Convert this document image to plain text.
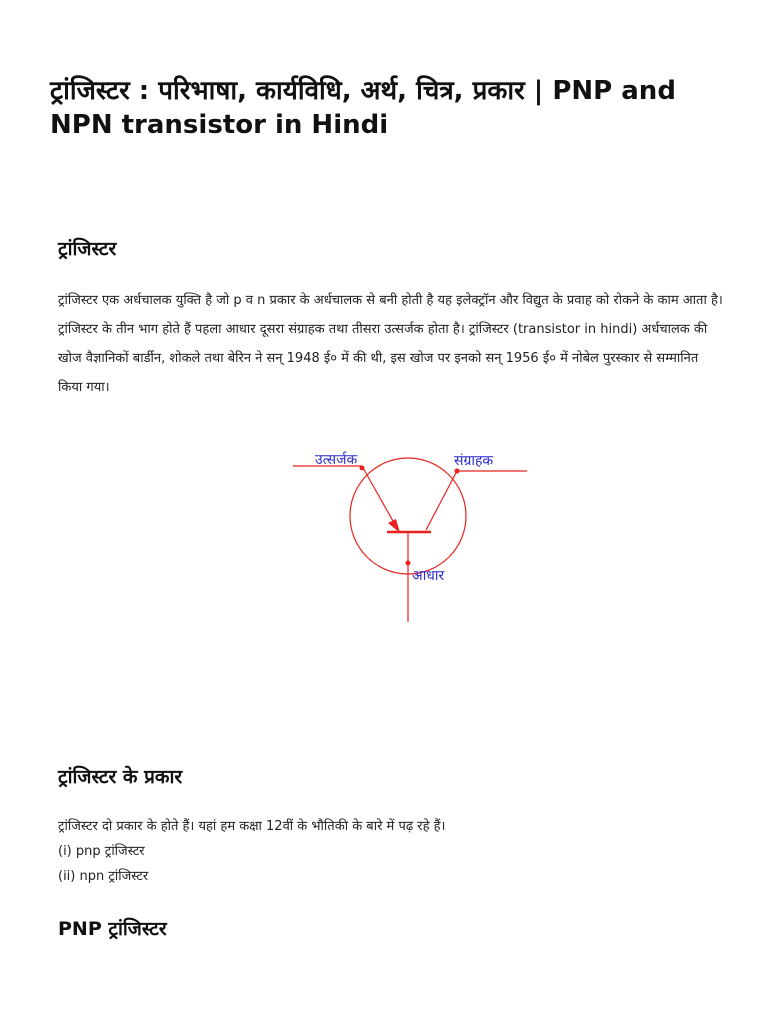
ट्रांजिस्टर : परिभाषा, कार्यविधि, अर्थ, चित्र, प्रकार | PNP and NPN transistor in Hindi
ट्रांजिस्टर

ट्रांजिस्टर एक अर्धचालक युक्ति है जो p व n प्रकार के अर्धचालक से बनी होती है यह इलेक्ट्रॉन और विद्युत के प्रवाह को रोकने के काम आता है। ट्रांजिस्टर के तीन भाग होते हैं पहला आधार दूसरा संग्राहक तथा तीसरा उत्सर्जक होता है। ट्रांजिस्टर (transistor in hindi) अर्धचालक की खोज वैज्ञानिकों बार्डीन, शोकले तथा बेरिन ने सन् 1948 ई० में की थी, इस खोज पर इनको सन् 1956 ई० में नोबेल पुरस्कार से सम्मानित किया गया।

उत्सर्जक	संग्राहक
आधार
ट्रांजिस्टर के प्रकार
ट्रांजिस्टर दो प्रकार के होते हैं। यहां हम कक्षा 12वीं के भौतिकी के बारे में पढ़ रहे हैं।
(i) pnp ट्रांजिस्टर
(ii) npn ट्रांजिस्टर
PNP ट्रांजिस्टर
